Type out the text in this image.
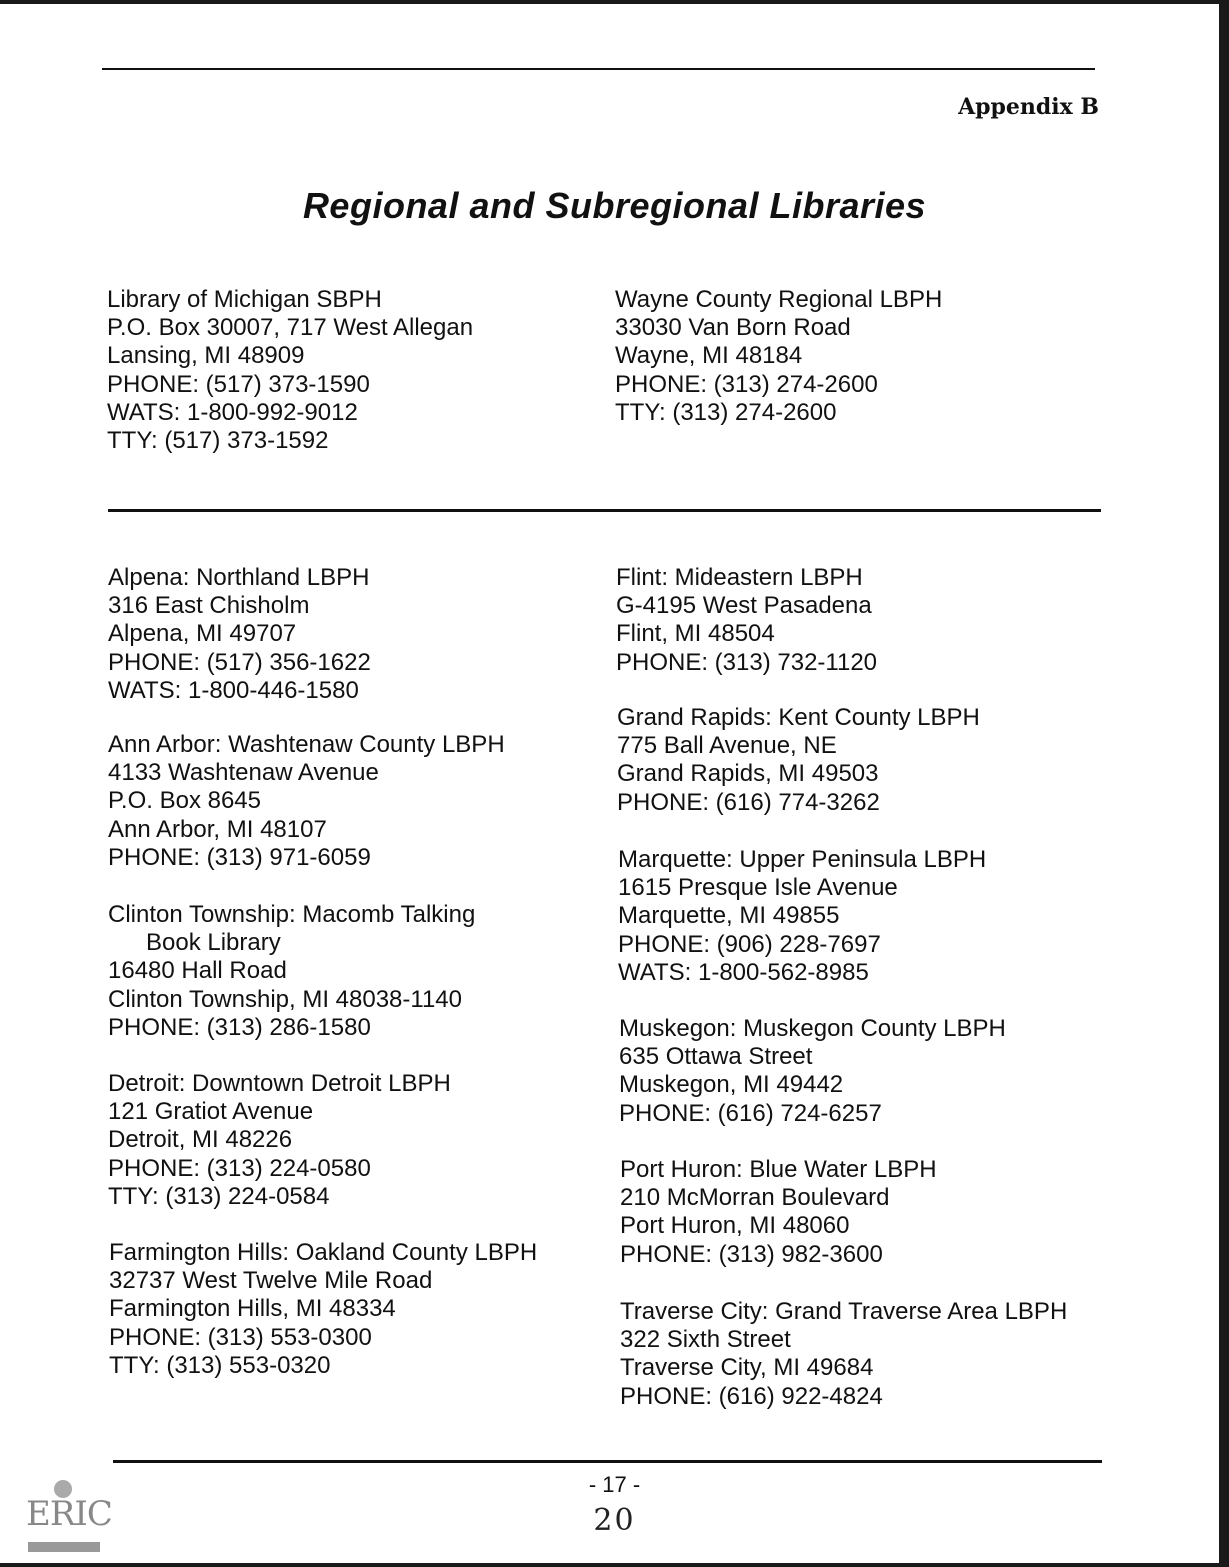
Appendix B
Regional and Subregional Libraries
Library of Michigan SBPH
P.O. Box 30007, 717 West Allegan
Lansing, MI 48909
PHONE: (517) 373-1590
WATS: 1-800-992-9012
TTY: (517) 373-1592
Wayne County Regional LBPH
33030 Van Born Road
Wayne, MI 48184
PHONE: (313) 274-2600
TTY: (313) 274-2600
Alpena: Northland LBPH
316 East Chisholm
Alpena, MI 49707
PHONE: (517) 356-1622
WATS: 1-800-446-1580
Ann Arbor: Washtenaw County LBPH
4133 Washtenaw Avenue
P.O. Box 8645
Ann Arbor, MI 48107
PHONE: (313) 971-6059
Clinton Township: Macomb Talking
Book Library
16480 Hall Road
Clinton Township, MI 48038-1140
PHONE: (313) 286-1580
Detroit: Downtown Detroit LBPH
121 Gratiot Avenue
Detroit, MI 48226
PHONE: (313) 224-0580
TTY: (313) 224-0584
Farmington Hills: Oakland County LBPH
32737 West Twelve Mile Road
Farmington Hills, MI 48334
PHONE: (313) 553-0300
TTY: (313) 553-0320
Flint: Mideastern LBPH
G-4195 West Pasadena
Flint, MI 48504
PHONE: (313) 732-1120
Grand Rapids: Kent County LBPH
775 Ball Avenue, NE
Grand Rapids, MI 49503
PHONE: (616) 774-3262
Marquette: Upper Peninsula LBPH
1615 Presque Isle Avenue
Marquette, MI 49855
PHONE: (906) 228-7697
WATS: 1-800-562-8985
Muskegon: Muskegon County LBPH
635 Ottawa Street
Muskegon, MI 49442
PHONE: (616) 724-6257
Port Huron: Blue Water LBPH
210 McMorran Boulevard
Port Huron, MI 48060
PHONE: (313) 982-3600
Traverse City: Grand Traverse Area LBPH
322 Sixth Street
Traverse City, MI 49684
PHONE: (616) 922-4824
- 17 -
20
ERIC
